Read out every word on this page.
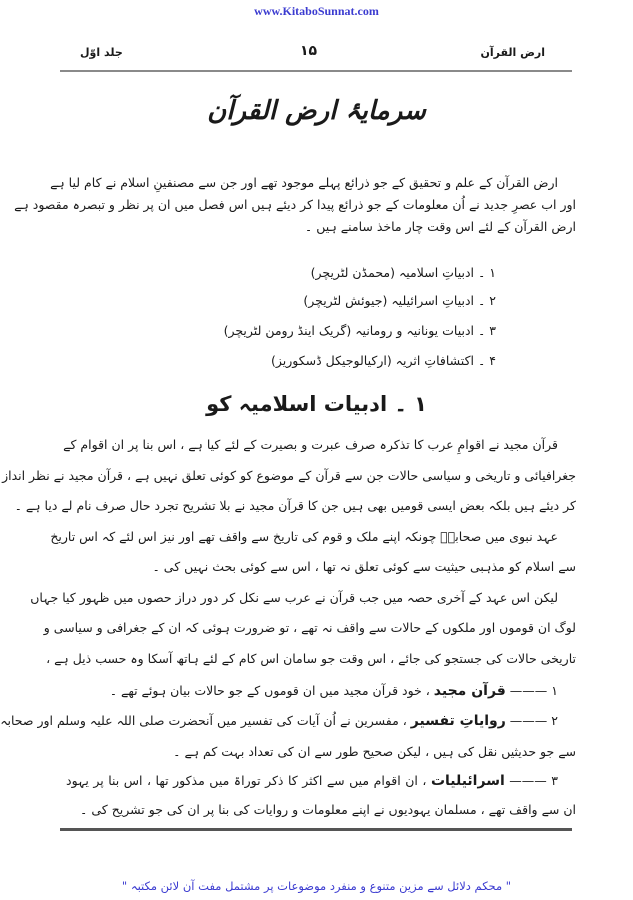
www.KitaboSunnat.com
ارض القرآن
۱۵
جلد اوّل
سرمایۂ ارض القرآن
ارض القرآن کے علم و تحقیق کے جو ذرائع پہلے موجود تھے اور جن سے مصنفینِ اسلام نے کام لیا ہے
اور اب عصرِ جدید نے اُن معلومات کے جو ذرائع پیدا کر دیئے ہیں اس فصل میں ان پر نظر و تبصرہ مقصود ہے
ارض القرآن کے لئے اس وقت چار ماخذ سامنے ہیں ۔
۱ ۔ ادبیاتِ اسلامیہ (محمڈن لٹریچر)
۲ ۔ ادبیاتِ اسرائیلیہ (جیوئش لٹریچر)
۳ ۔ ادبیات یونانیہ و رومانیہ (گریک اینڈ رومن لٹریچر)
۴ ۔ اکتشافاتِ اثریہ (ارکیالوجیکل ڈسکوریز)
۱ ۔ ادبیات اسلامیہ کو
قرآن مجید نے اقوامِ عرب کا تذکرہ صرف عبرت و بصیرت کے لئے کیا ہے ، اس بنا پر ان اقوام کے
جغرافیائی و تاریخی و سیاسی حالات جن سے قرآن کے موضوع کو کوئی تعلق نہیں ہے ، قرآن مجید نے نظر انداز
کر دیئے ہیں بلکہ بعض ایسی قومیں بھی ہیں جن کا قرآن مجید نے بلا تشریح تجرد حال صرف نام لے دیا ہے ۔
عہد نبوی میں صحابہؓ چونکہ اپنے ملک و قوم کی تاریخ سے واقف تھے اور نیز اس لئے کہ اس تاریخ
سے اسلام کو مذہبی حیثیت سے کوئی تعلق نہ تھا ، اس سے کوئی بحث نہیں کی ۔
لیکن اس عہد کے آخری حصہ میں جب قرآن نے عرب سے نکل کر دور دراز حصوں میں ظہور کیا جہاں
لوگ ان قوموں اور ملکوں کے حالات سے واقف نہ تھے ، تو ضرورت ہوئی کہ ان کے جغرافی و سیاسی و
تاریخی حالات کی جستجو کی جائے ، اس وقت جو سامان اس کام کے لئے ہاتھ آسکا وہ حسب ذیل ہے ،
۱ ——— قرآن مجید ، خود قرآن مجید میں ان قوموں کے جو حالات بیان ہوئے تھے ۔
۲ ——— روایاتِ تفسیر ، مفسرین نے اُن آیات کی تفسیر میں آنحضرت صلی اللہ علیہ وسلم اور صحابہ
سے جو حدیثیں نقل کی ہیں ، لیکن صحیح طور سے ان کی تعداد بہت کم ہے ۔
۳ ——— اسرائیلیات ، ان اقوام میں سے اکثر کا ذکر توراۃ میں مذکور تھا ، اس بنا پر یہود
ان سے واقف تھے ، مسلمان یہودیوں نے اپنے معلومات و روایات کی بنا پر ان کی جو تشریح کی ۔
" محکم دلائل سے مزین متنوع و منفرد موضوعات پر مشتمل مفت آن لائن مکتبہ "
